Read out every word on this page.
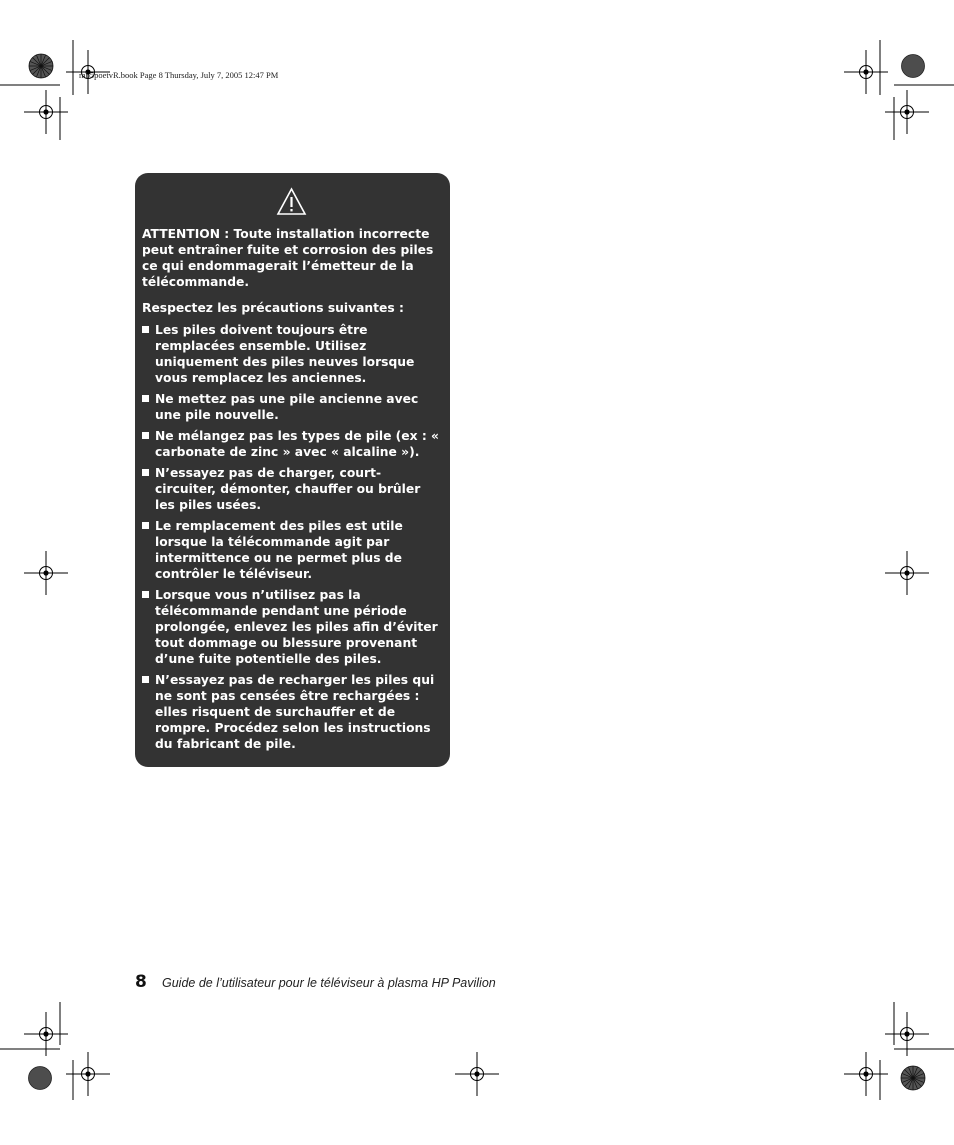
mb5poetvR.book Page 8 Thursday, July 7, 2005 12:47 PM

ATTENTION : Toute installation incorrecte peut entraîner fuite et corrosion des piles ce qui endommagerait l’émetteur de la télécommande.

Respectez les précautions suivantes :

Les piles doivent toujours être remplacées ensemble. Utilisez uniquement des piles neuves lorsque vous remplacez les anciennes.
Ne mettez pas une pile ancienne avec une pile nouvelle.
Ne mélangez pas les types de pile (ex : « carbonate de zinc » avec « alcaline »).
N’essayez pas de charger, court-circuiter, démonter, chauffer ou brûler les piles usées.
Le remplacement des piles est utile lorsque la télécommande agit par intermittence ou ne permet plus de contrôler le téléviseur.
Lorsque vous n’utilisez pas la télécommande pendant une période prolongée, enlevez les piles afin d’éviter tout dommage ou blessure provenant d’une fuite potentielle des piles.
N’essayez pas de recharger les piles qui ne sont pas censées être rechargées : elles risquent de surchauffer et de rompre. Procédez selon les instructions du fabricant de pile.
8 Guide de l’utilisateur pour le téléviseur à plasma HP Pavilion
